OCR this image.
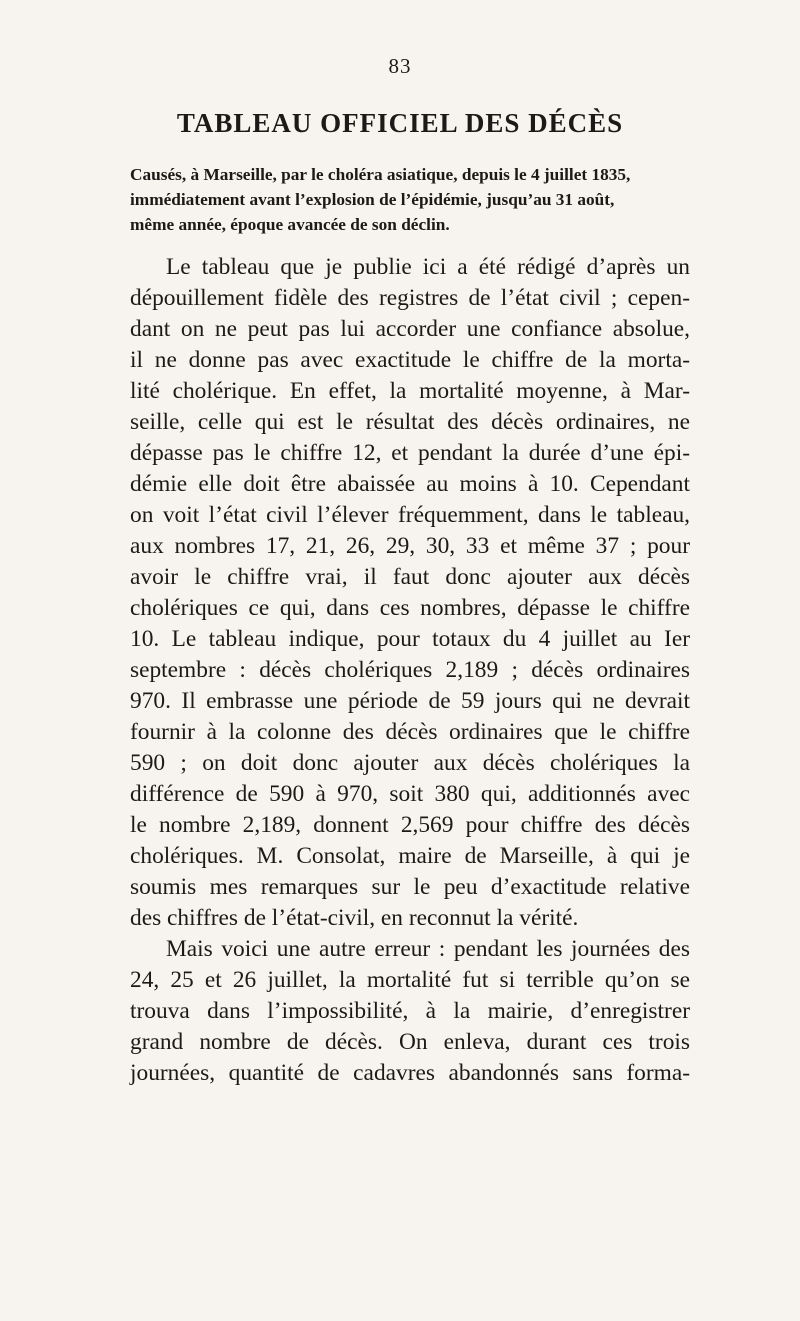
83
TABLEAU OFFICIEL DES DÉCÈS
Causés, à Marseille, par le choléra asiatique, depuis le 4 juillet 1835,
immédiatement avant l’explosion de l’épidémie, jusqu’au 31 août,
même année, époque avancée de son déclin.
Le tableau que je publie ici a été rédigé d’après un
dépouillement fidèle des registres de l’état civil ; cepen-
dant on ne peut pas lui accorder une confiance absolue,
il ne donne pas avec exactitude le chiffre de la morta-
lité cholérique. En effet, la mortalité moyenne, à Mar-
seille, celle qui est le résultat des décès ordinaires, ne
dépasse pas le chiffre 12, et pendant la durée d’une épi-
démie elle doit être abaissée au moins à 10. Cependant
on voit l’état civil l’élever fréquemment, dans le tableau,
aux nombres 17, 21, 26, 29, 30, 33 et même 37 ; pour
avoir le chiffre vrai, il faut donc ajouter aux décès
cholériques ce qui, dans ces nombres, dépasse le chiffre
10. Le tableau indique, pour totaux du 4 juillet au Ier
septembre : décès cholériques 2,189 ; décès ordinaires
970. Il embrasse une période de 59 jours qui ne devrait
fournir à la colonne des décès ordinaires que le chiffre
590 ; on doit donc ajouter aux décès cholériques la
différence de 590 à 970, soit 380 qui, additionnés avec
le nombre 2,189, donnent 2,569 pour chiffre des décès
cholériques. M. Consolat, maire de Marseille, à qui je
soumis mes remarques sur le peu d’exactitude relative
des chiffres de l’état-civil, en reconnut la vérité.
Mais voici une autre erreur : pendant les journées des
24, 25 et 26 juillet, la mortalité fut si terrible qu’on se
trouva dans l’impossibilité, à la mairie, d’enregistrer
grand nombre de décès. On enleva, durant ces trois
journées, quantité de cadavres abandonnés sans forma-
